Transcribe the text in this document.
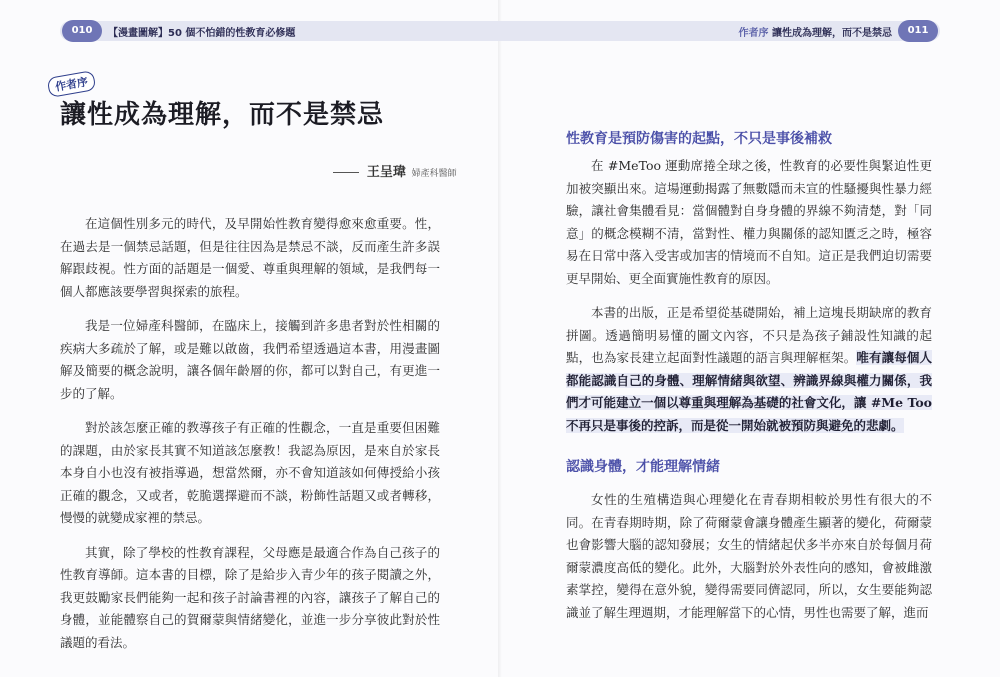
010	【漫畫圖解】50 個不怕錯的性教育必修題	011
作者序 讓性成為理解，而不是禁忌
作者序
讓性成為理解，而不是禁忌
王呈瑋 婦產科醫師

在這個性別多元的時代，及早開始性教育變得愈來愈重要。性，在過去是一個禁忌話題，但是往往因為是禁忌不談，反而產生許多誤解跟歧視。性方面的話題是一個愛、尊重與理解的領域，是我們每一個人都應該要學習與探索的旅程。

我是一位婦產科醫師，在臨床上，接觸到許多患者對於性相關的疾病大多疏於了解，或是難以啟齒，我們希望透過這本書，用漫畫圖解及簡要的概念說明，讓各個年齡層的你，都可以對自己，有更進一步的了解。

對於該怎麼正確的教導孩子有正確的性觀念，一直是重要但困難的課題，由於家長其實不知道該怎麼教！我認為原因，是來自於家長本身自小也沒有被指導過，想當然爾，亦不會知道該如何傳授給小孩正確的觀念，又或者，乾脆選擇避而不談，粉飾性話題又或者轉移，慢慢的就變成家裡的禁忌。

其實，除了學校的性教育課程，父母應是最適合作為自己孩子的性教育導師。這本書的目標，除了是給步入青少年的孩子閱讀之外，我更鼓勵家長們能夠一起和孩子討論書裡的內容，讓孩子了解自己的身體，並能體察自己的賀爾蒙與情緒變化，並進一步分享彼此對於性議題的看法。

性教育是預防傷害的起點，不只是事後補救

在 #MeToo 運動席捲全球之後，性教育的必要性與緊迫性更加被突顯出來。這場運動揭露了無數隱而未宣的性騷擾與性暴力經驗，讓社會集體看見：當個體對自身身體的界線不夠清楚，對「同意」的概念模糊不清，當對性、權力與關係的認知匱乏之時，極容易在日常中落入受害或加害的情境而不自知。這正是我們迫切需要更早開始、更全面實施性教育的原因。

本書的出版，正是希望從基礎開始，補上這塊長期缺席的教育拼圖。透過簡明易懂的圖文內容，不只是為孩子鋪設性知識的起點，也為家長建立起面對性議題的語言與理解框架。唯有讓每個人都能認識自己的身體、理解情緒與欲望、辨識界線與權力關係，我們才可能建立一個以尊重與理解為基礎的社會文化，讓 #Me Too 不再只是事後的控訴，而是從一開始就被預防與避免的悲劇。

認識身體，才能理解情緒

女性的生殖構造與心理變化在青春期相較於男性有很大的不同。在青春期時期，除了荷爾蒙會讓身體產生顯著的變化，荷爾蒙也會影響大腦的認知發展；女生的情緒起伏多半亦來自於每個月荷爾蒙濃度高低的變化。此外，大腦對於外表性向的感知，會被雌激素掌控，變得在意外貌，變得需要同儕認同，所以，女生要能夠認識並了解生理週期，才能理解當下的心情，男性也需要了解，進而
